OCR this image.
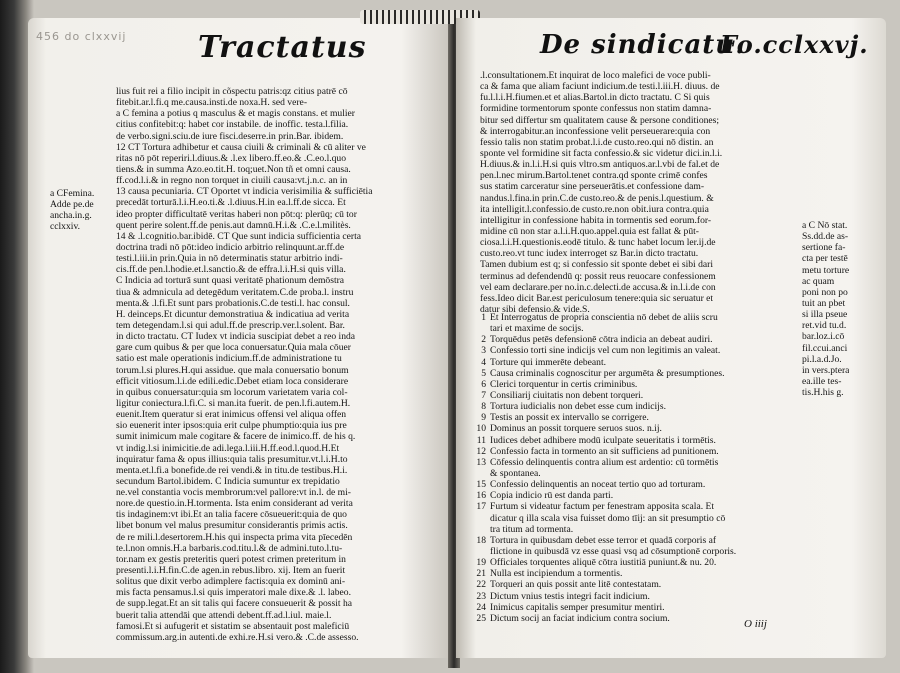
456 do clxxvij Tractatus
a CFemina.
Adde pe.de
ancha.in.g.
cclxxiv.
lius fuit rei a filio incipit in cõspectu patris:qz citius patrē cō
fitebit.ar.l.fi.q me.causa.insti.de noxa.H. sed vere-
a C femina a potius q masculus & et magis constans. et mulier
citius confitebit:q: habet cor instabile. de inoffic. testa.l.filia.
de verbo.signi.sciu.de iure fisci.deserre.in prin.Bar. ibidem.
12 CT Tortura adhibetur et causa ciuili & criminali & cū aliter ve
ritas nō pōt reperiri.l.diuus.& .l.ex libero.ff.eo.& .C.eo.l.quo
tiens.& in summa Azo.eo.tit.H. toq;uet.Non tñ et omni causa.
ff.cod.l.i.& in regno non torquet in ciuili causa:vt.j.n.c. an in
13 causa pecuniaria. CT Oportet vt indicia verisimilia & sufficiētia
precedāt torturā.l.i.H.eo.ti.& .l.diuus.H.in ea.l.ff.de sicca. Et
ideo propter difficultatē veritas haberi non pōt:q: plerūq; cū tor
quent perire solent.ff.de penis.aut damnū.H.i.& .C.e.l.militès.
14 & .l.cognitio.bar.ibidē. CT Que sunt indicia sufficientia certa
doctrina tradi nō pōt:ideo indicio arbitrio relinquunt.ar.ff.de
testi.l.iii.in prin.Quia in nō determinatis statur arbitrio indi-
cis.ff.de pen.l.hodie.et.l.sanctio.& de effra.l.i.H.si quis villa.
C Indicia ad torturā sunt quasi veritatē phationum demōstra
tiua & admnicula ad detegēdum veritatem.C.de proba.l. instru
menta.& .l.fi.Et sunt pars probationis.C.de testi.l. hac consul.
H. deinceps.Et dicuntur demonstratiua & indicatiua ad verita
tem detegendam.l.si qui adul.ff.de prescrip.ver.l.solent. Bar.
in dicto tractatu. CT Iudex vt indicia suscipiat debet a reo inda
gare cum quibus & per que loca conuersatur.Quia mala cōuer
satio est male operationis indicium.ff.de administratione tu
torum.l.si plures.H.qui assidue. que mala conuersatio bonum
efficit vitiosum.l.i.de edili.edic.Debet etiam loca considerare
in quibus conuersatur:quia sm locorum varietatem varia col-
ligitur coniectura.l.fi.C. si man.ita fuerit. de pen.l.fi.autem.H.
euenit.Item queratur si erat inimicus offensi vel aliqua offen
sio euenerit inter ipsos:quia erit culpe phumptio:quia ius pre
sumit inimicum male cogitare & facere de inimico.ff. de his q.
vt indig.l.si inimicitie.de adi.lega.l.iii.H.ff.eod.l.quod.H.Et
inquiratur fama & opus illius:quia talis presumitur.vt.l.i.H.to
menta.et.l.fi.a bonefide.de rei vendi.& in titu.de testibus.H.i.
secundum Bartol.ibidem. C Indicia sumuntur ex trepidatio
ne.vel constantia vocis membrorum:vel pallore:vt in.l. de mi-
nore.de questio.in.H.tormenta. Ista enim considerant ad verita
tis indaginem:vt ibi.Et an talia facere cōsueuerit:quia de quo
libet bonum vel malus presumitur considerantis primis actis.
de re mili.l.desertorem.H.his qui inspecta prima vita pīecedēn
te.l.non omnis.H.a barbaris.cod.titu.l.& de admini.tuto.l.tu-
tor.nam ex gestis preteritis queri potest crimen preteritum in
presenti.l.i.H.fin.C.de agen.in rebus.libro. xij. Item an fuerit
solitus que dixit verbo adimplere factis:quia ex dominū ani-
mis facta pensamus.l.si quis imperatori male dixe.& .l. labeo.
de supp.legat.Et an sit talis qui facere consueuerit & possit ha
buerit talia attendāi que attendi debent.ff.ad.l.iul. maie.l.
famosi.Et si aufugerit et sistatim se absentauit post maleficiū
commissum.arg.in autenti.de exhi.re.H.si vero.& .C.de assesso.
De sindicatu.
Fo.cclxxvj.
.l.consultationem.Et inquirat de loco malefici de voce publi-
ca & fama que aliam faciunt indicium.de testi.l.iii.H. diuus. de
fu.l.l.i.H.fiumen.et et alias.Bartol.in dicto tractatu. C Si quis
formidine tormentorum sponte confessus non statim damna-
bitur sed differtur sm qualitatem cause & persone conditiones;
& interrogabitur.an inconfessione velit perseuerare:quia con
fessio talis non statim probat.l.i.de custo.reo.qui nō distin. an
sponte vel formidine sit facta confessio.& sic videtur dici.in.l.i.
H.diuus.& in.l.i.H.si quis vltro.sm antiquos.ar.l.vbi de fal.et de
pen.l.nec mirum.Bartol.tenet contra.qd sponte crimē confes
sus statim carceratur sine perseuerātis.et confessione dam-
nandus.l.fina.in prin.C.de custo.reo.& de penis.l.questium. &
ita intelligit.l.confessio.de custo.re.non obit.iura contra.quia
intelligitur in confessione habita in tormentis sed eorum.for-
midine cū non star a.l.i.H.quo.appel.quia est fallat & pūt-
ciosa.l.i.H.questionis.eodē titulo. & tunc habet locum ler.ij.de
custo.reo.vt tunc iudex interroget sz Bar.in dicto tractatu.
Tamen dubium est q; si confessio sit sponte debet ei sibi dari
terminus ad defendendū q: possit reus reuocare confessionem
vel eam declarare.per no.in.c.delecti.de accusa.& in.l.i.de con
fess.Ideo dicit Bar.est periculosum tenere:quia sic seruatur et
datur sibi defensio.& vide.S.
a C Nō stat.
Ss.dd.de as-
sertione fa-
cta per testē
metu torture
ac quam
poni non po
tuit an pbet
si illa pseue
ret.vid tu.d.
bar.loz.i.cō
fil.ccui.anci
pi.l.a.d.Jo.
in vers.ptera
ea.ille tes-
tis.H.his g.
1 Et Interrogatus de propria conscientia nō debet de aliis scru
tari et maxime de socijs.
2 Torquēdus petēs defensionē cōtra indicia an debeat audiri.
3 Confessio torti sine indicijs vel cum non legitimis an valeat.
4 Torture qui immerēte debeant.
5 Causa criminalis cognoscitur per argumēta & presumptiones.
6 Clerici torquentur in certis criminibus.
7 Consiliarij ciuitatis non debent torqueri.
8 Tortura iudicialis non debet esse cum indicijs.
9 Testis an possit ex intervallo se corrigere.
10 Dominus an possit torquere seruos suos. n.ij.
11 Iudices debet adhibere modū iculpate seueritatis i tormētis.
12 Confessio facta in tormento an sit sufficiens ad punitionem.
13 Cōfessio delinquentis contra alium est ardentio: cū tormētis
& spontanea.
15 Confessio delinquentis an noceat tertio quo ad torturam.
16 Copia indicio rū est danda parti.
17 Furtum si videatur factum per fenestram apposita scala. Et
dicatur q illa scala visa fuisset domo tīij: an sit presumptio cō
tra titum ad tormenta.
18 Tortura in quibusdam debet esse terror et quadā corporis af
flictione in quibusdā vz esse quasi vsq ad cōsumptionē corporis.
19 Officiales torquentes aliquē cōtra iustitiā puniunt.& nu. 20.
21 Nulla est incipiendum a tormentis.
22 Torqueri an quis possit ante litē contestatam.
23 Dictum vnius testis integri facit indicium.
24 Inimicus capitalis semper presumitur mentiri.
25 Dictum socij an faciat indicium contra socium.	O iiij
